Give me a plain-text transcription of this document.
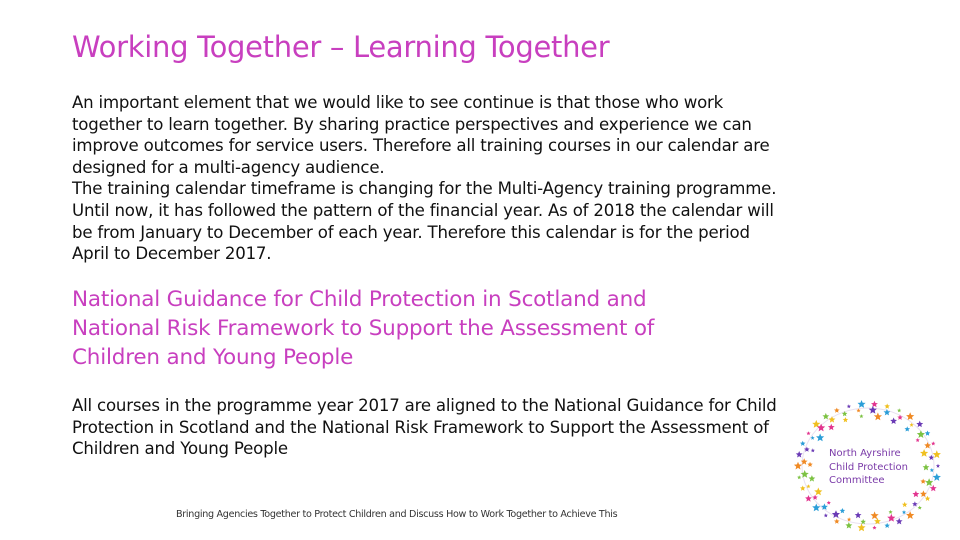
Working Together – Learning Together
An important element that we would like to see continue is that those who work
together to learn together. By sharing practice perspectives and experience we can
improve outcomes for service users. Therefore all training courses in our calendar are
designed for a multi-agency audience.
The training calendar timeframe is changing for the Multi-Agency training programme.
Until now, it has followed the pattern of the financial year. As of 2018 the calendar will
be from January to December of each year. Therefore this calendar is for the period
April to December 2017.
National Guidance for Child Protection in Scotland and
National Risk Framework to Support the Assessment of
Children and Young People
All courses in the programme year 2017 are aligned to the National Guidance for Child
Protection in Scotland and the National Risk Framework to Support the Assessment of
Children and Young People
Bringing Agencies Together to Protect Children and Discuss How to Work Together to Achieve This
North Ayrshire
Child Protection
Committee
